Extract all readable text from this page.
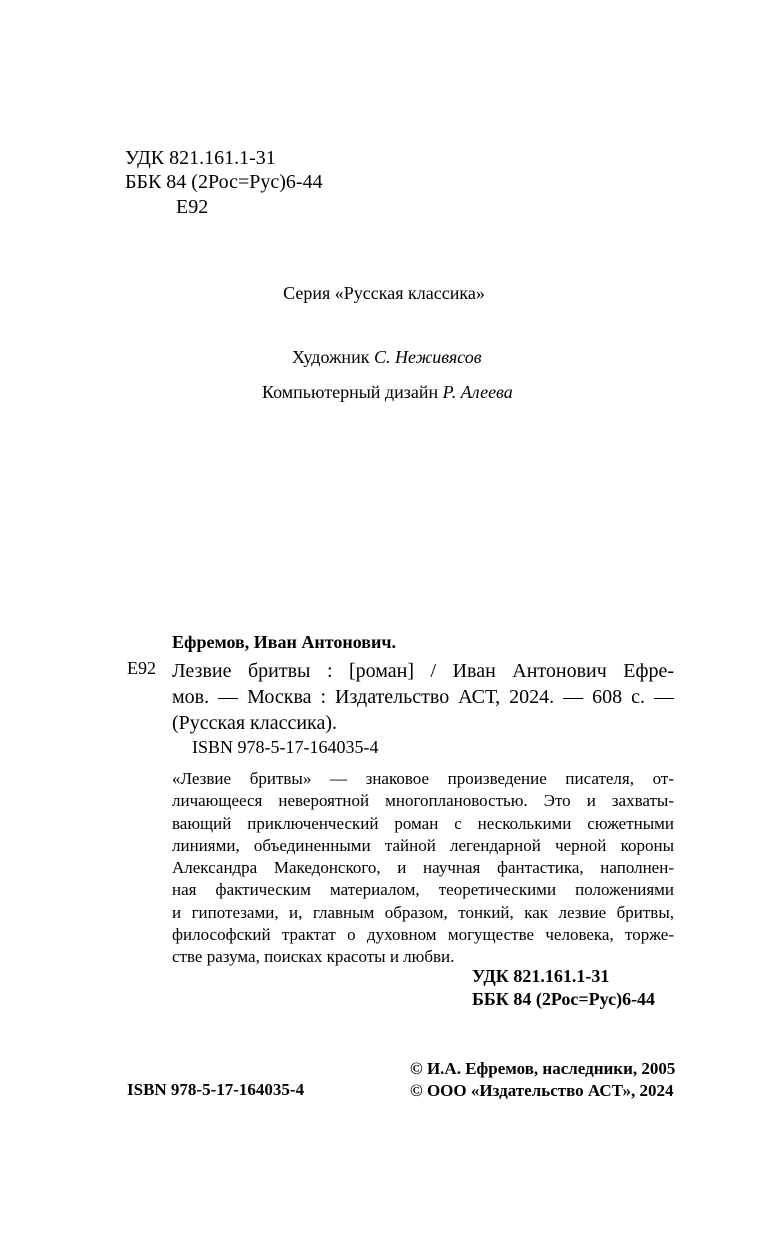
УДК 821.161.1-31
ББК 84 (2Рос=Рус)6-44
Е92
Серия «Русская классика»
Художник С. Неживясов
Компьютерный дизайн Р. Алеева
Ефремов, Иван Антонович.
Е92 Лезвие бритвы : [роман] / Иван Антонович Ефре-
мов. — Москва : Издательство АСТ, 2024. — 608 с. —
(Русская классика).
ISBN 978-5-17-164035-4
«Лезвие бритвы» — знаковое произведение писателя, от-
личающееся невероятной многоплановостью. Это и захваты-
вающий приключенческий роман с несколькими сюжетными
линиями, объединенными тайной легендарной черной короны
Александра Македонского, и научная фантастика, наполнен-
ная фактическим материалом, теоретическими положениями
и гипотезами, и, главным образом, тонкий, как лезвие бритвы,
философский трактат о духовном могуществе человека, торже-
стве разума, поисках красоты и любви.
УДК 821.161.1-31
ББК 84 (2Рос=Рус)6-44
© И.А. Ефремов, наследники, 2005
© ООО «Издательство АСТ», 2024
ISBN 978-5-17-164035-4
